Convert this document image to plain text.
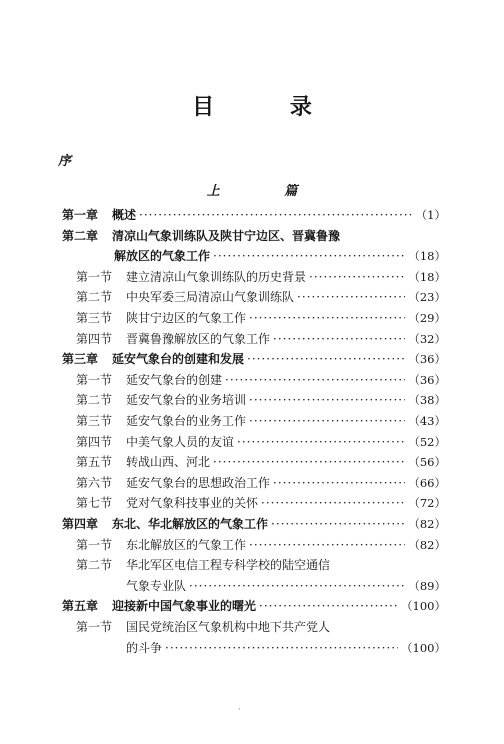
目 录
序
上 篇
第一章	概述 ·····	（1）
第二章	清凉山气象训练队及陕甘宁边区、晋冀鲁豫
解放区的气象工作 ·····	（18）
第一节	建立清凉山气象训练队的历史背景 ·····	（18）
第二节	中央军委三局清凉山气象训练队 ·····	（23）
第三节	陕甘宁边区的气象工作 ·····	（29）
第四节	晋冀鲁豫解放区的气象工作 ·····	（32）
第三章	延安气象台的创建和发展 ·····	（36）
第一节	延安气象台的创建 ·····	（36）
第二节	延安气象台的业务培训 ·····	（38）
第三节	延安气象台的业务工作 ·····	（43）
第四节	中美气象人员的友谊 ·····	（52）
第五节	转战山西、河北 ·····	（56）
第六节	延安气象台的思想政治工作 ·····	（66）
第七节	党对气象科技事业的关怀 ·····	（72）
第四章	东北、华北解放区的气象工作 ·····	（82）
第一节	东北解放区的气象工作 ·····	（82）
第二节	华北军区电信工程专科学校的陆空通信
气象专业队 ·····	（89）
第五章	迎接新中国气象事业的曙光 ·····	（100）
第一节	国民党统治区气象机构中地下共产党人
的斗争 ·····	（100）
·
